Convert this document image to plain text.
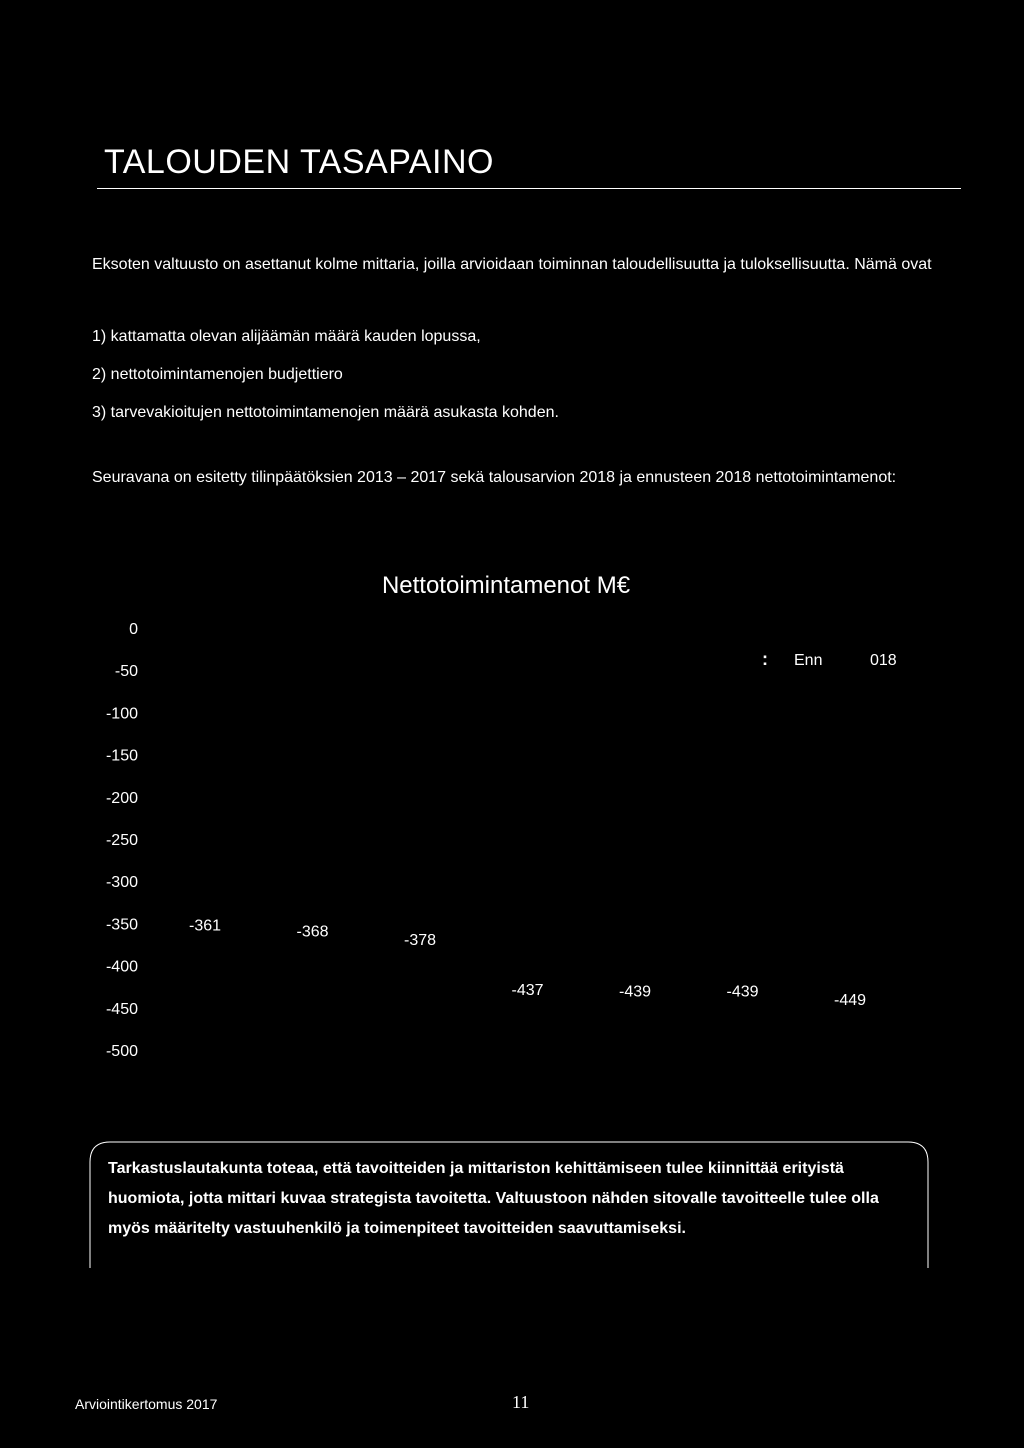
TALOUDEN TASAPAINO

Eksoten valtuusto on asettanut kolme mittaria, joilla arvioidaan toiminnan taloudellisuutta ja tuloksellisuutta. Nämä ovat

1) kattamatta olevan alijäämän määrä kauden lopussa,
2) nettotoimintamenojen budjettiero
3) tarvevakioitujen nettotoimintamenojen määrä asukasta kohden.

Seuravana on esitetty tilinpäätöksien 2013 – 2017 sekä talousarvion 2018 ja ennusteen 2018 nettotoimintamenot:

Nettotoimintamenot M€
0
-50
-100
-150
-200
-250
-300
-350
-400
-450
-500
-361	-368	-378
-437	-439	-439	-449
: Enn	018

Tarkastuslautakunta toteaa, että tavoitteiden ja mittariston kehittämiseen tulee kiinnittää erityistä huomiota, jotta mittari kuvaa strategista tavoitetta. Valtuustoon nähden sitovalle tavoitteelle tulee olla myös määritelty vastuuhenkilö ja toimenpiteet tavoitteiden saavuttamiseksi.

Arviointikertomus 2017	11
